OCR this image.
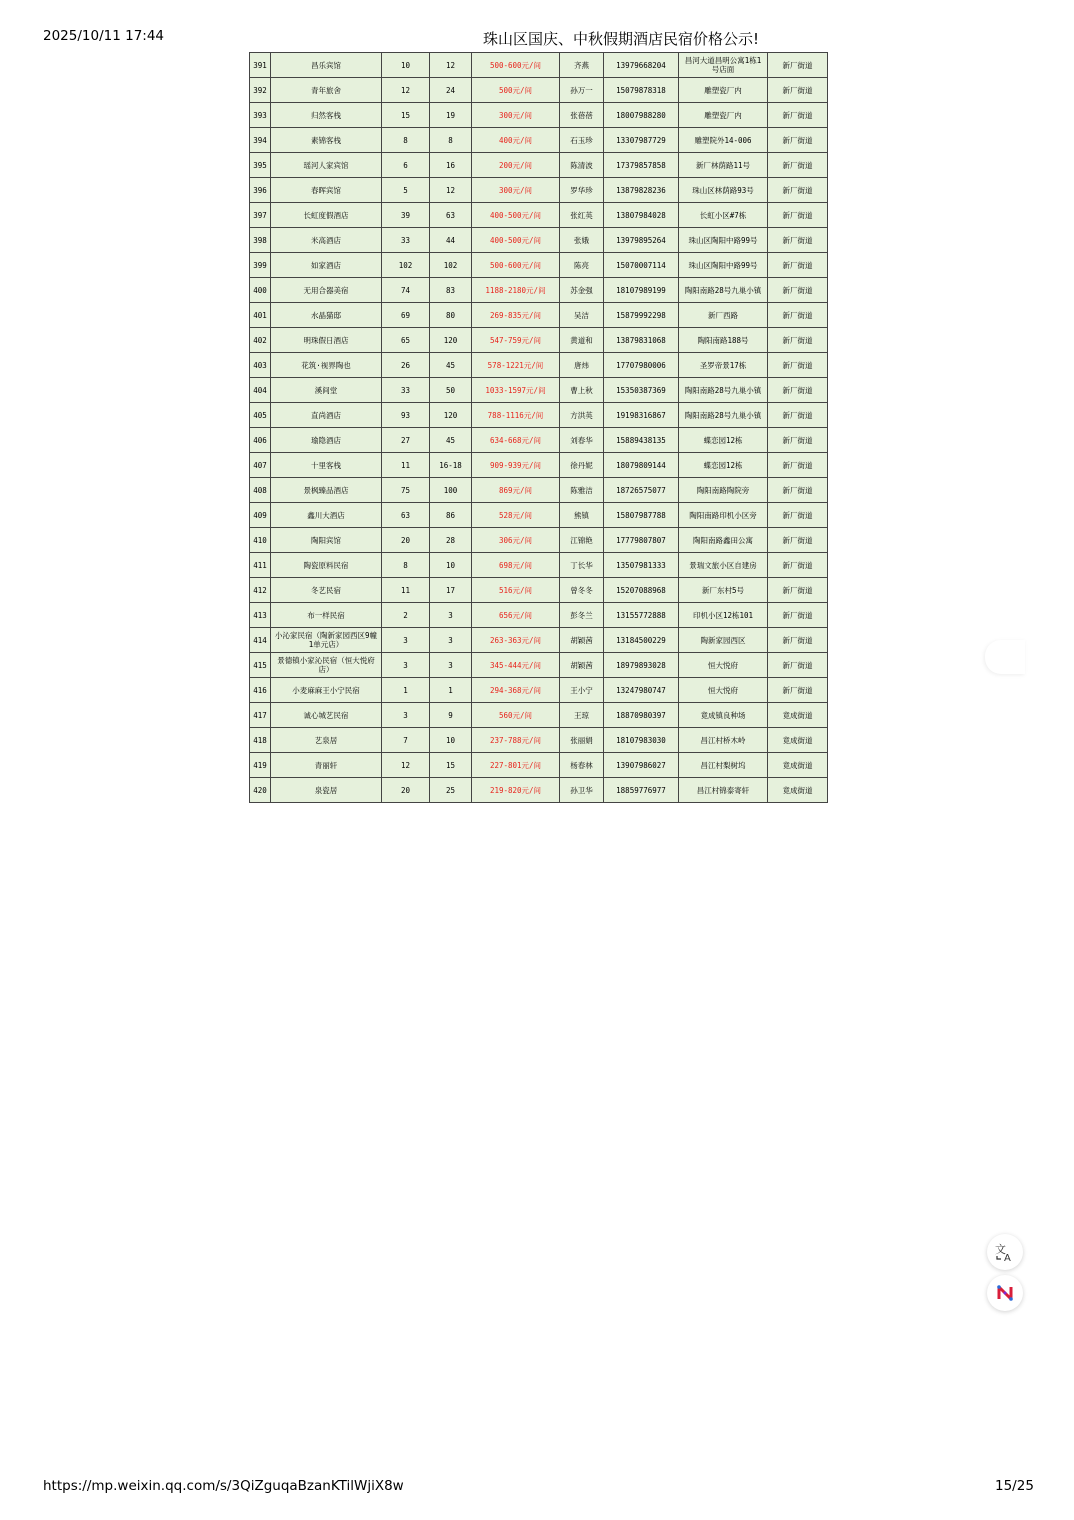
2025/10/11 17:44	珠山区国庆、中秋假期酒店民宿价格公示!
391	昌乐宾馆	10	12	500-600元/间	齐燕	13979668204	昌河大道昌明公寓1栋1号店面	新厂街道
392	青年旅舍	12	24	500元/间	孙万一	15079878318	雕塑瓷厂内	新厂街道
393	归然客栈	15	19	300元/间	张蓓蓓	18007988280	雕塑瓷厂内	新厂街道
394	素锦客栈	8	8	400元/间	石玉珍	13307987729	雕塑院外14-006	新厂街道
395	瑶河人家宾馆	6	16	200元/间	陈清波	17379857858	新厂林荫路11号	新厂街道
396	春晖宾馆	5	12	300元/间	罗华珍	13879828236	珠山区林荫路93号	新厂街道
397	长虹度假酒店	39	63	400-500元/间	张红英	13807984028	长虹小区#7栋	新厂街道
398	米高酒店	33	44	400-500元/间	张娥	13979895264	珠山区陶阳中路99号	新厂街道
399	如家酒店	102	102	500-600元/间	陈亮	15070007114	珠山区陶阳中路99号	新厂街道
400	无用合器美宿	74	83	1188-2180元/间	苏金强	18107989199	陶阳南路28号九巢小镇	新厂街道
401	水晶猫邸	69	80	269-835元/间	吴洁	15879992298	新厂西路	新厂街道
402	明珠假日酒店	65	120	547-759元/间	黄道和	13879831068	陶阳南路188号	新厂街道
403	花筑·视界陶也	26	45	578-1221元/间	唐炜	17707980006	圣罗帝景17栋	新厂街道
404	溪间堂	33	50	1033-1597元/间	曹上秋	15350387369	陶阳南路28号九巢小镇	新厂街道
405	直尚酒店	93	120	788-1116元/间	方洪英	19198316867	陶阳南路28号九巢小镇	新厂街道
406	瑜隐酒店	27	45	634-668元/间	刘春华	15889438135	蝶恋园12栋	新厂街道
407	十里客栈	11	16-18	909-939元/间	徐丹妮	18079809144	蝶恋园12栋	新厂街道
408	景枫臻品酒店	75	100	869元/间	陈雅洁	18726575077	陶阳南路陶院旁	新厂街道
409	鑫川大酒店	63	86	528元/间	熊镇	15807987788	陶阳南路印机小区旁	新厂街道
410	陶阳宾馆	20	28	306元/间	江锦艳	17779807807	陶阳南路鑫田公寓	新厂街道
411	陶瓷原料民宿	8	10	698元/间	丁长华	13507981333	景瑞文旅小区自建房	新厂街道
412	冬艺民宿	11	17	516元/间	曾冬冬	15207088968	新厂东村5号	新厂街道
413	布一样民宿	2	3	656元/间	彭冬兰	13155772888	印机小区12栋101	新厂街道
414	小沁家民宿（陶新家园西区9幢1单元店）	3	3	263-363元/间	胡颖茜	13184500229	陶新家园西区	新厂街道
415	景德镇小家沁民宿（恒大悦府店）	3	3	345-444元/间	胡颖茜	18979893028	恒大悦府	新厂街道
416	小麦麻麻王小宁民宿	1	1	294-368元/间	王小宁	13247980747	恒大悦府	新厂街道
417	诚心城艺民宿	3	9	560元/间	王琼	18870980397	竟成镇良种场	竟成街道
418	艺泉居	7	10	237-788元/间	张丽娟	18107983030	昌江村桥木岭	竟成街道
419	青丽轩	12	15	227-801元/间	杨春林	13907986027	昌江村梨树坞	竟成街道
420	泉瓷居	20	25	219-820元/间	孙卫华	18859776977	昌江村锦泰寄轩	竟成街道
文
A
https://mp.weixin.qq.com/s/3QiZguqaBzanKTilWjiX8w	15/25
